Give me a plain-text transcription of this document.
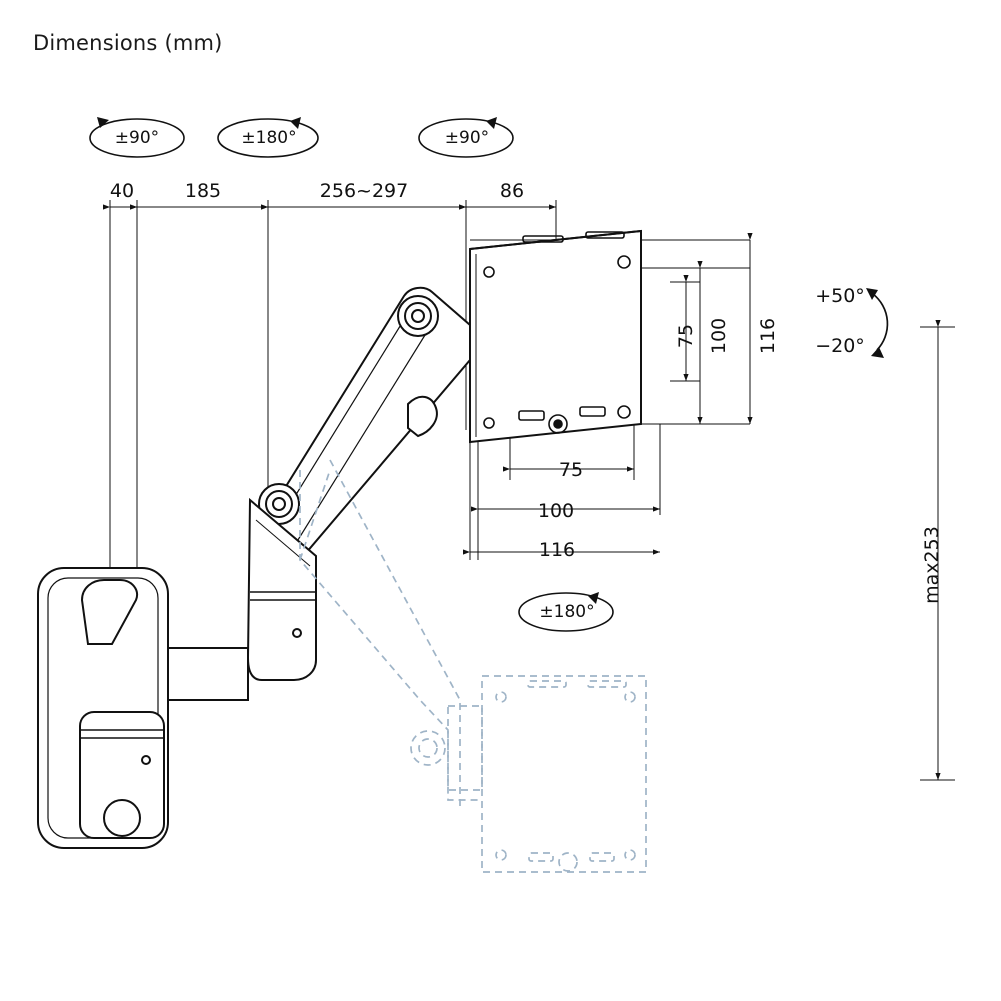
Dimensions (mm)
±90°	±180°	±90°
±180°
40	185	256~297	86
75 100 116
75
100
116
+50°
−20°
max253
